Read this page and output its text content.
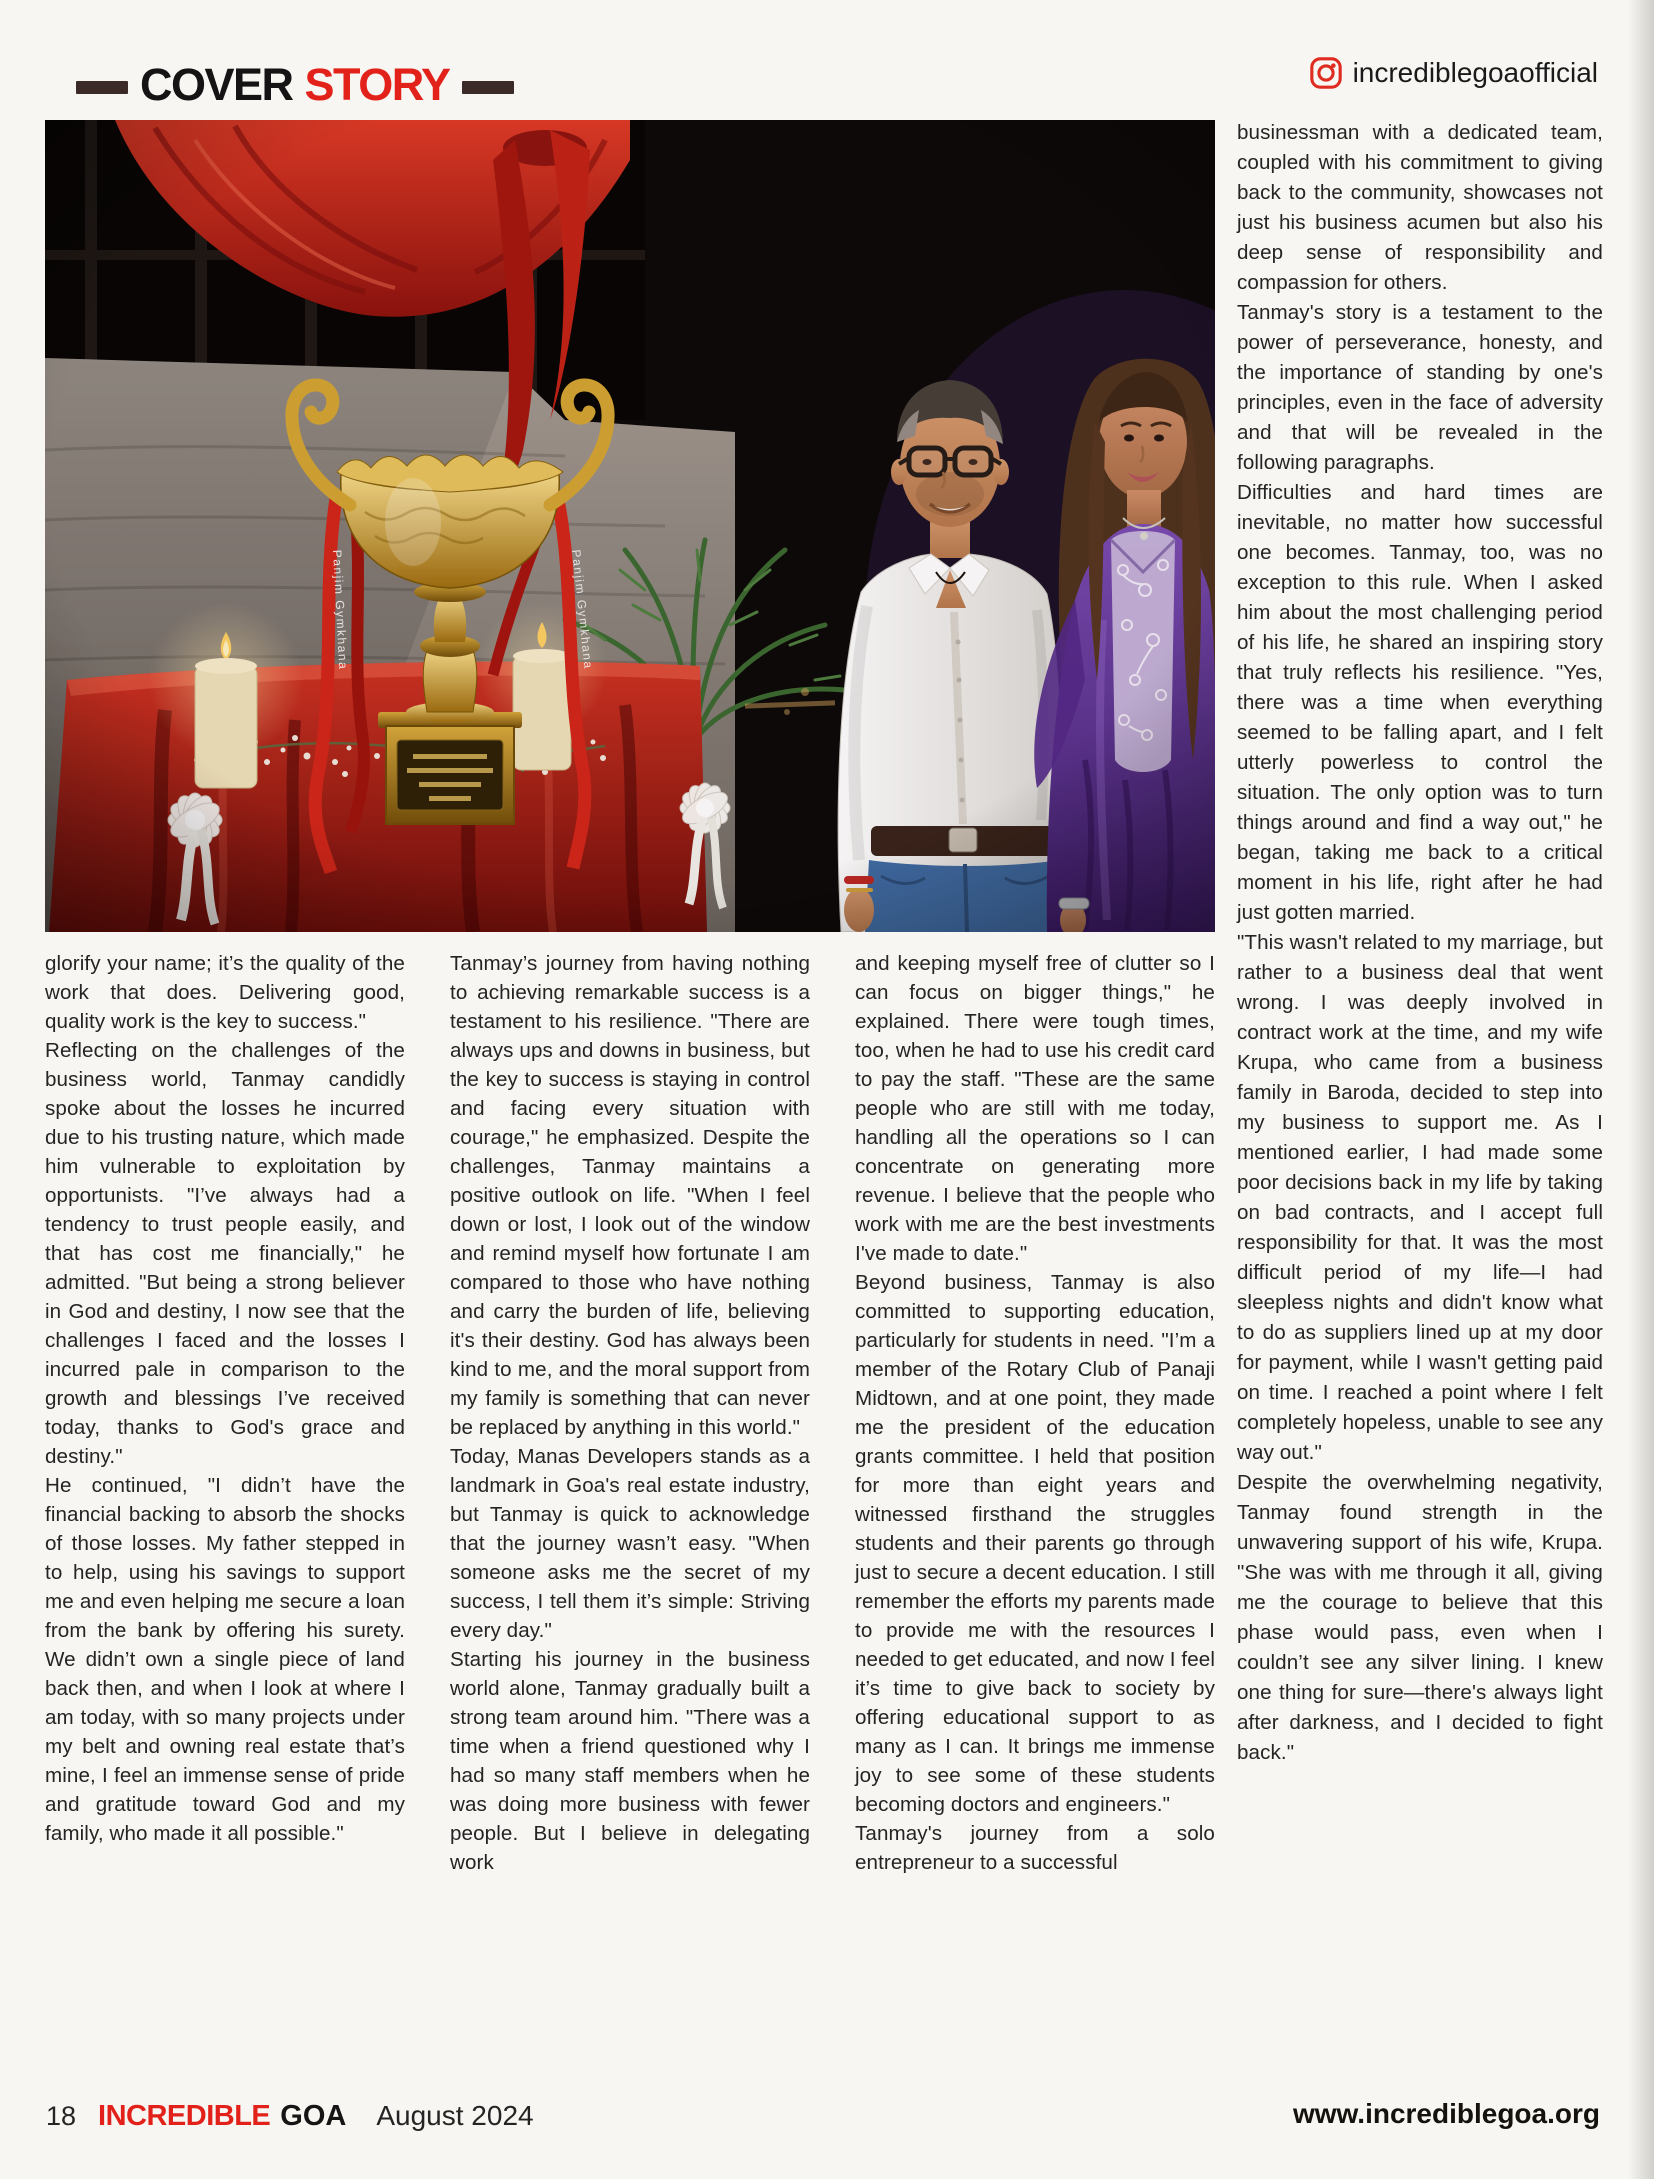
COVER STORY	incrediblegoaofficial

glorify your name; it’s the quality of the work that does. Delivering good, quality work is the key to success."

Reflecting on the challenges of the business world, Tanmay candidly spoke about the losses he incurred due to his trusting nature, which made him vulnerable to exploitation by opportunists. "I’ve always had a tendency to trust people easily, and that has cost me financially," he admitted. "But being a strong believer in God and destiny, I now see that the challenges I faced and the losses I incurred pale in comparison to the growth and blessings I’ve received today, thanks to God's grace and destiny."

He continued, "I didn’t have the financial backing to absorb the shocks of those losses. My father stepped in to help, using his savings to support me and even helping me secure a loan from the bank by offering his surety. We didn’t own a single piece of land back then, and when I look at where I am today, with so many projects under my belt and owning real estate that’s mine, I feel an immense sense of pride and gratitude toward God and my family, who made it all possible."

Tanmay’s journey from having nothing to achieving remarkable success is a testament to his resilience. "There are always ups and downs in business, but the key to success is staying in control and facing every situation with courage," he emphasized. Despite the challenges, Tanmay maintains a positive outlook on life. "When I feel down or lost, I look out of the window and remind myself how fortunate I am compared to those who have nothing and carry the burden of life, believing it's their destiny. God has always been kind to me, and the moral support from my family is something that can never be replaced by anything in this world."

Today, Manas Developers stands as a landmark in Goa's real estate industry, but Tanmay is quick to acknowledge that the journey wasn’t easy. "When someone asks me the secret of my success, I tell them it’s simple: Striving every day."

Starting his journey in the business world alone, Tanmay gradually built a strong team around him. "There was a time when a friend questioned why I had so many staff members when he was doing more business with fewer people. But I believe in delegating work

and keeping myself free of clutter so I can focus on bigger things," he explained. There were tough times, too, when he had to use his credit card to pay the staff. "These are the same people who are still with me today, handling all the operations so I can concentrate on generating more revenue. I believe that the people who work with me are the best investments I've made to date."

Beyond business, Tanmay is also committed to supporting education, particularly for students in need. "I’m a member of the Rotary Club of Panaji Midtown, and at one point, they made me the president of the education grants committee. I held that position for more than eight years and witnessed firsthand the struggles students and their parents go through just to secure a decent education. I still remember the efforts my parents made to provide me with the resources I needed to get educated, and now I feel it’s time to give back to society by offering educational support to as many as I can. It brings me immense joy to see some of these students becoming doctors and engineers."

Tanmay's journey from a solo entrepreneur to a successful

businessman with a dedicated team, coupled with his commitment to giving back to the community, showcases not just his business acumen but also his deep sense of responsibility and compassion for others.

Tanmay's story is a testament to the power of perseverance, honesty, and the importance of standing by one's principles, even in the face of adversity and that will be revealed in the following paragraphs.

Difficulties and hard times are inevitable, no matter how successful one becomes. Tanmay, too, was no exception to this rule. When I asked him about the most challenging period of his life, he shared an inspiring story that truly reflects his resilience. "Yes, there was a time when everything seemed to be falling apart, and I felt utterly powerless to control the situation. The only option was to turn things around and find a way out," he began, taking me back to a critical moment in his life, right after he had just gotten married.

"This wasn't related to my marriage, but rather to a business deal that went wrong. I was deeply involved in contract work at the time, and my wife Krupa, who came from a business family in Baroda, decided to step into my business to support me. As I mentioned earlier, I had made some poor decisions back in my life by taking on bad contracts, and I accept full responsibility for that. It was the most difficult period of my life—I had sleepless nights and didn't know what to do as suppliers lined up at my door for payment, while I wasn't getting paid on time. I reached a point where I felt completely hopeless, unable to see any way out."

Despite the overwhelming negativity, Tanmay found strength in the unwavering support of his wife, Krupa. "She was with me through it all, giving me the courage to believe that this phase would pass, even when I couldn’t see any silver lining. I knew one thing for sure—there's always light after darkness, and I decided to fight back."

18 INCREDIBLE GOA August 2024	www.incrediblegoa.org
